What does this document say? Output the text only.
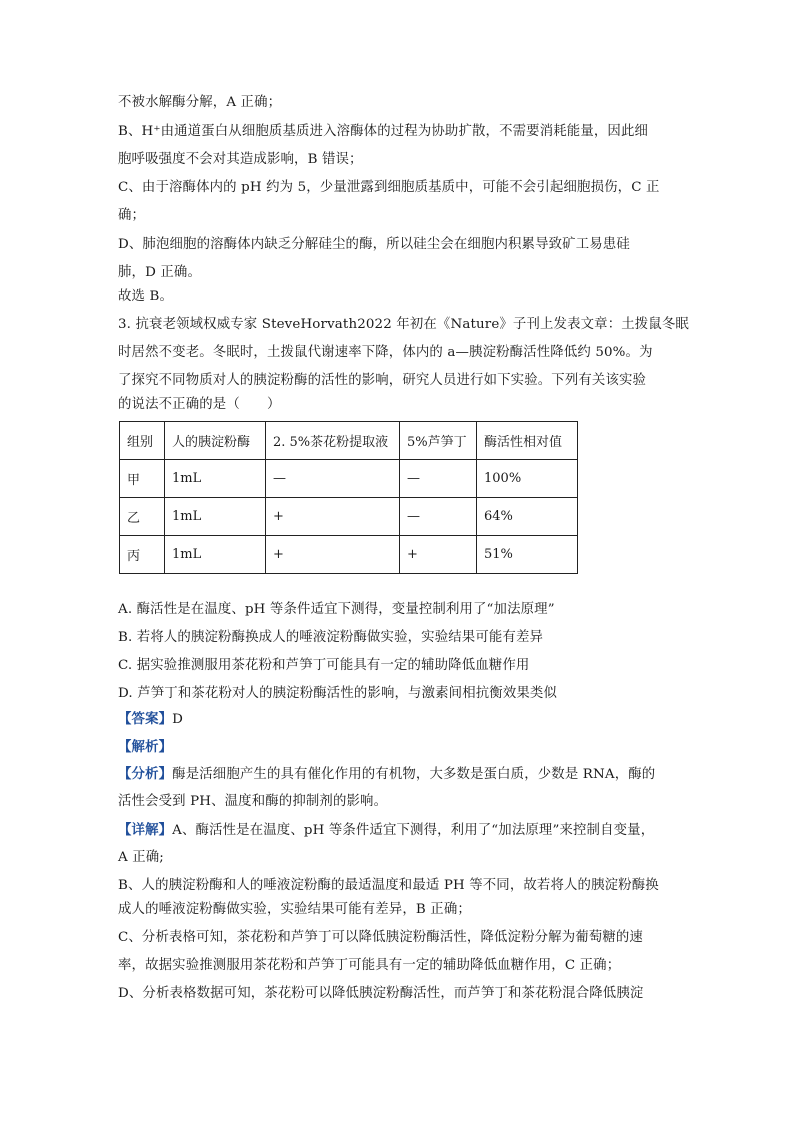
不被水解酶分解，A 正确；
B、H⁺由通道蛋白从细胞质基质进入溶酶体的过程为协助扩散，不需要消耗能量，因此细
胞呼吸强度不会对其造成影响，B 错误；
C、由于溶酶体内的 pH 约为 5，少量泄露到细胞质基质中，可能不会引起细胞损伤，C 正
确；
D、肺泡细胞的溶酶体内缺乏分解硅尘的酶，所以硅尘会在细胞内积累导致矿工易患硅
肺，D 正确。
故选 B。
3. 抗衰老领域权威专家 SteveHorvath2022 年初在《Nature》子刊上发表文章：土拨鼠冬眠
时居然不变老。冬眠时，土拨鼠代谢速率下降，体内的 a—胰淀粉酶活性降低约 50%。为
了探究不同物质对人的胰淀粉酶的活性的影响，研究人员进行如下实验。下列有关该实验
的说法不正确的是（　　）
组别	人的胰淀粉酶	2. 5%茶花粉提取液	5%芦笋丁	酶活性相对值
甲	1mL	—	—	100%
乙	1mL	+	—	64%
丙	1mL	+	+	51%
A. 酶活性是在温度、pH 等条件适宜下测得，变量控制利用了“加法原理”
B. 若将人的胰淀粉酶换成人的唾液淀粉酶做实验，实验结果可能有差异
C. 据实验推测服用茶花粉和芦笋丁可能具有一定的辅助降低血糖作用
D. 芦笋丁和茶花粉对人的胰淀粉酶活性的影响，与激素间相抗衡效果类似
【答案】D
【解析】
【分析】酶是活细胞产生的具有催化作用的有机物，大多数是蛋白质，少数是 RNA，酶的
活性会受到 PH、温度和酶的抑制剂的影响。
【详解】A、酶活性是在温度、pH 等条件适宜下测得，利用了“加法原理”来控制自变量，
A 正确;
B、人的胰淀粉酶和人的唾液淀粉酶的最适温度和最适 PH 等不同，故若将人的胰淀粉酶换
成人的唾液淀粉酶做实验，实验结果可能有差异，B 正确；
C、分析表格可知，茶花粉和芦笋丁可以降低胰淀粉酶活性，降低淀粉分解为葡萄糖的速
率，故据实验推测服用茶花粉和芦笋丁可能具有一定的辅助降低血糖作用，C 正确；
D、分析表格数据可知，茶花粉可以降低胰淀粉酶活性，而芦笋丁和茶花粉混合降低胰淀
